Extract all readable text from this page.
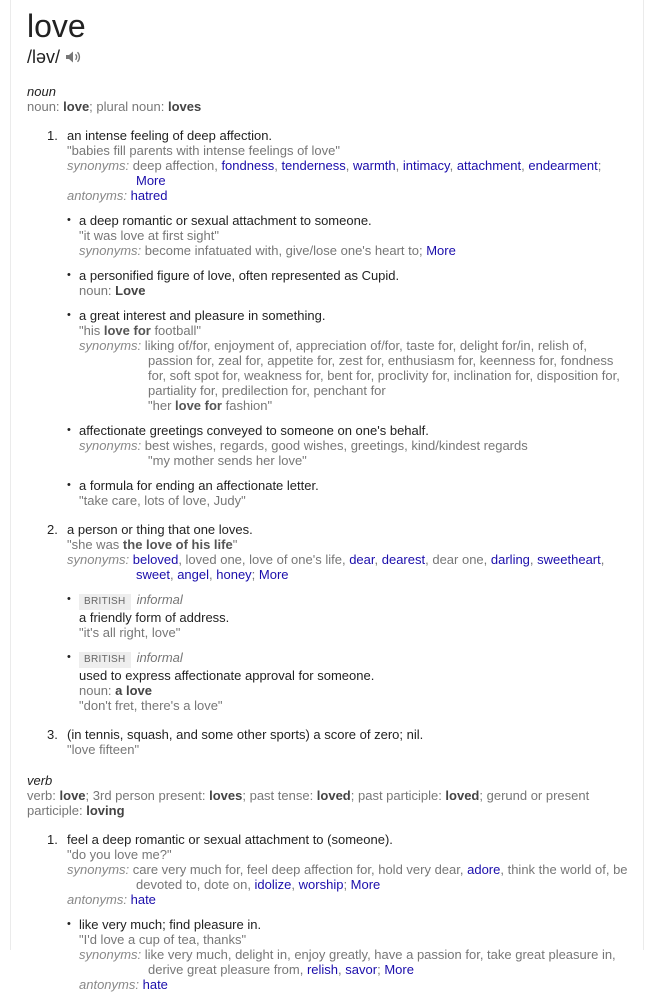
love
/ləv/
noun
noun: love; plural noun: loves
1. an intense feeling of deep affection.
"babies fill parents with intense feelings of love"
synonyms: deep affection, fondness, tenderness, warmth, intimacy, attachment, endearment; More
antonyms: hatred
• a deep romantic or sexual attachment to someone.
"it was love at first sight"
synonyms: become infatuated with, give/lose one's heart to; More
• a personified figure of love, often represented as Cupid.
noun: Love
• a great interest and pleasure in something.
"his love for football"
synonyms: liking of/for, enjoyment of, appreciation of/for, taste for, delight for/in, relish of, passion for, zeal for, appetite for, zest for, enthusiasm for, keenness for, fondness for, soft spot for, weakness for, bent for, proclivity for, inclination for, disposition for, partiality for, predilection for, penchant for
"her love for fashion"
• affectionate greetings conveyed to someone on one's behalf.
synonyms: best wishes, regards, good wishes, greetings, kind/kindest regards
"my mother sends her love"
• a formula for ending an affectionate letter.
"take care, lots of love, Judy"
2. a person or thing that one loves.
"she was the love of his life"
synonyms: beloved, loved one, love of one's life, dear, dearest, dear one, darling, sweetheart, sweet, angel, honey; More
• BRITISH informal
a friendly form of address.
"it's all right, love"
• BRITISH informal
used to express affectionate approval for someone.
noun: a love
"don't fret, there's a love"
3. (in tennis, squash, and some other sports) a score of zero; nil.
"love fifteen"
verb
verb: love; 3rd person present: loves; past tense: loved; past participle: loved; gerund or present participle: loving
1. feel a deep romantic or sexual attachment to (someone).
"do you love me?"
synonyms: care very much for, feel deep affection for, hold very dear, adore, think the world of, be devoted to, dote on, idolize, worship; More
antonyms: hate
• like very much; find pleasure in.
"I'd love a cup of tea, thanks"
synonyms: like very much, delight in, enjoy greatly, have a passion for, take great pleasure in, derive great pleasure from, relish, savor; More
antonyms: hate
